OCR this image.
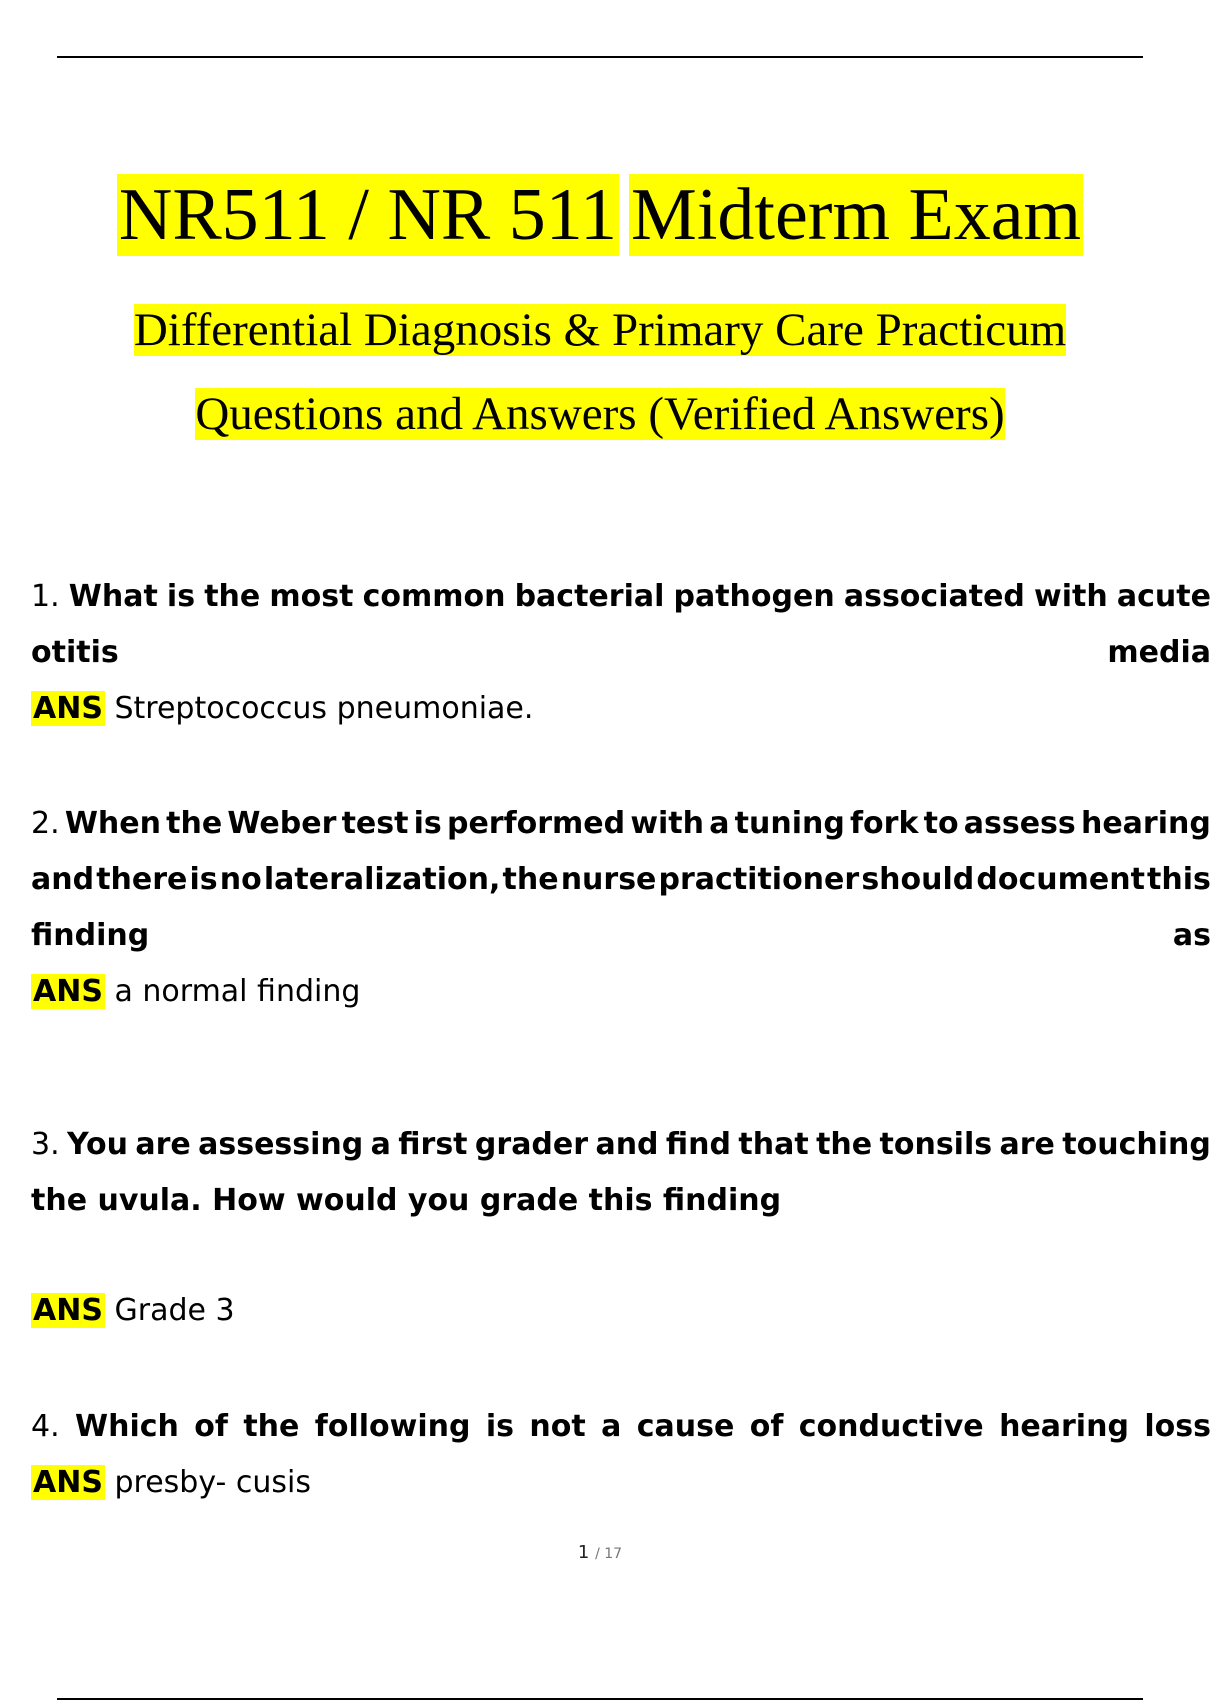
NR511 / NR 511 Midterm Exam
Differential Diagnosis & Primary Care Practicum
Questions and Answers (Verified Answers)
1. What is the most common bacterial pathogen associated with acute
otitis	media
ANS Streptococcus pneumoniae.
2. When the Weber test is performed with a tuning fork to assess hearing
and there is no lateralization, the nurse practitioner should document this
finding	as
ANS a normal finding
3. You are assessing a first grader and find that the tonsils are touching
the uvula. How would you grade this finding
ANS Grade 3
4. Which of the following is not a cause of conductive hearing loss
ANS presby- cusis
1 / 17
